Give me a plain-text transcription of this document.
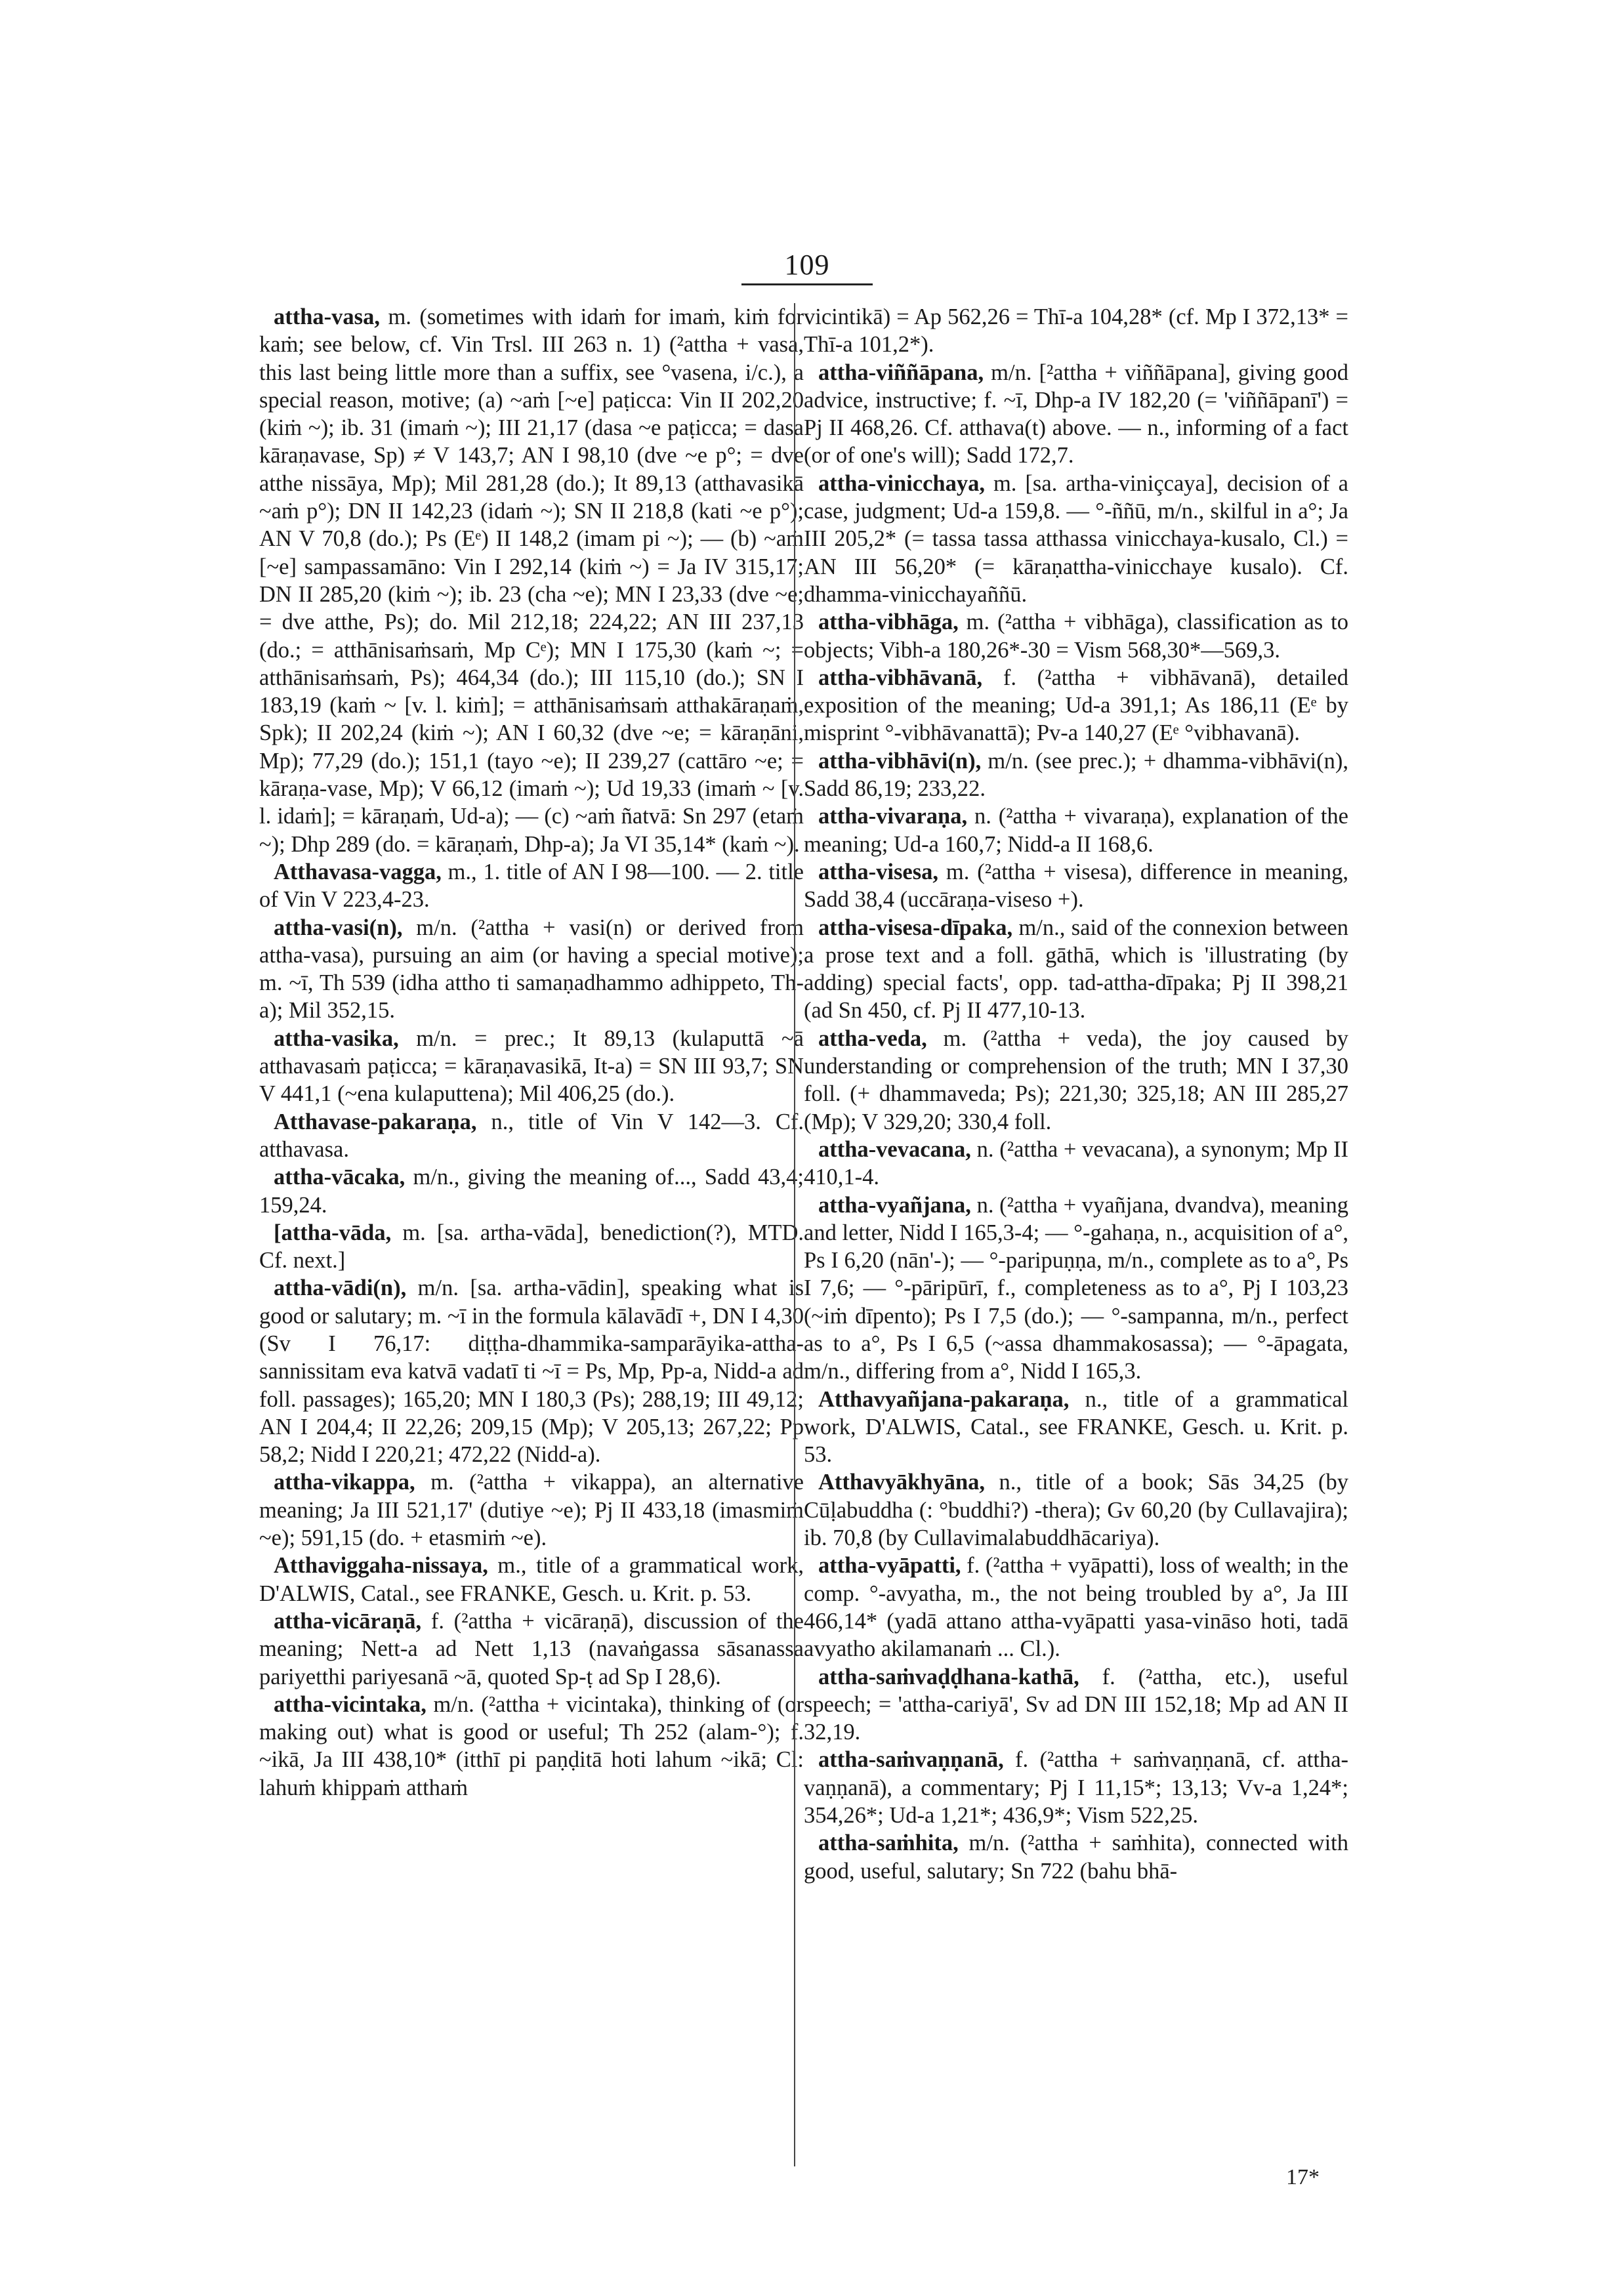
109

attha-vasa, m. (sometimes with idaṁ for imaṁ, kiṁ for kaṁ; see below, cf. Vin Trsl. III 263 n. 1) (²attha + vasa, this last being little more than a suffix, see °vasena, i/c.), a special reason, motive; (a) ~aṁ [~e] paṭicca: Vin II 202,20 (kiṁ ~); ib. 31 (imaṁ ~); III 21,17 (dasa ~e paṭicca; = dasa kāraṇavase, Sp) ≠ V 143,7; AN I 98,10 (dve ~e p°; = dve atthe nissāya, Mp); Mil 281,28 (do.); It 89,13 (atthavasikā ~aṁ p°); DN II 142,23 (idaṁ ~); SN II 218,8 (kati ~e p°); AN V 70,8 (do.); Ps (Eᵉ) II 148,2 (imam pi ~); — (b) ~aṁ [~e] sampassamāno: Vin I 292,14 (kiṁ ~) = Ja IV 315,17; DN II 285,20 (kiṁ ~); ib. 23 (cha ~e); MN I 23,33 (dve ~e; = dve atthe, Ps); do. Mil 212,18; 224,22; AN III 237,13 (do.; = atthānisaṁsaṁ, Mp Cᵉ); MN I 175,30 (kaṁ ~; = atthānisaṁsaṁ, Ps); 464,34 (do.); III 115,10 (do.); SN I 183,19 (kaṁ ~ [v. l. kiṁ]; = atthānisaṁsaṁ atthakāraṇaṁ, Spk); II 202,24 (kiṁ ~); AN I 60,32 (dve ~e; = kāraṇāni, Mp); 77,29 (do.); 151,1 (tayo ~e); II 239,27 (cattāro ~e; = kāraṇa-vase, Mp); V 66,12 (imaṁ ~); Ud 19,33 (imaṁ ~ [v. l. idaṁ]; = kāraṇaṁ, Ud-a); — (c) ~aṁ ñatvā: Sn 297 (etaṁ ~); Dhp 289 (do. = kāraṇaṁ, Dhp-a); Ja VI 35,14* (kaṁ ~).

Atthavasa-vagga, m., 1. title of AN I 98—100. — 2. title of Vin V 223,4-23.

attha-vasi(n), m/n. (²attha + vasi(n) or derived from attha-vasa), pursuing an aim (or having a special motive); m. ~ī, Th 539 (idha attho ti samaṇadhammo adhippeto, Th-a); Mil 352,15.

attha-vasika, m/n. = prec.; It 89,13 (kulaputtā ~ā atthavasaṁ paṭicca; = kāraṇavasikā, It-a) = SN III 93,7; SN V 441,1 (~ena kulaputtena); Mil 406,25 (do.).

Atthavase-pakaraṇa, n., title of Vin V 142—3. Cf. atthavasa.

attha-vācaka, m/n., giving the meaning of..., Sadd 43,4; 159,24.

[attha-vāda, m. [sa. artha-vāda], benediction(?), MTD. Cf. next.]

attha-vādi(n), m/n. [sa. artha-vādin], speaking what is good or salutary; m. ~ī in the formula kālavādī +, DN I 4,30 (Sv I 76,17: diṭṭha-dhammika-samparāyika-attha-sannissitam eva katvā vadatī ti ~ī = Ps, Mp, Pp-a, Nidd-a ad foll. passages); 165,20; MN I 180,3 (Ps); 288,19; III 49,12; AN I 204,4; II 22,26; 209,15 (Mp); V 205,13; 267,22; Pp 58,2; Nidd I 220,21; 472,22 (Nidd-a).

attha-vikappa, m. (²attha + vikappa), an alternative meaning; Ja III 521,17' (dutiye ~e); Pj II 433,18 (imasmiṁ ~e); 591,15 (do. + etasmiṁ ~e).

Atthaviggaha-nissaya, m., title of a grammatical work, D'ALWIS, Catal., see FRANKE, Gesch. u. Krit. p. 53.

attha-vicāraṇā, f. (²attha + vicāraṇā), discussion of the meaning; Nett-a ad Nett 1,13 (navaṅgassa sāsanassa pariyetthi pariyesanā ~ā, quoted Sp-ṭ ad Sp I 28,6).

attha-vicintaka, m/n. (²attha + vicintaka), thinking of (or making out) what is good or useful; Th 252 (alam-°); f. ~ikā, Ja III 438,10* (itthī pi paṇḍitā hoti lahum ~ikā; Cl: lahuṁ khippaṁ atthaṁ

vicintikā) = Ap 562,26 = Thī-a 104,28* (cf. Mp I 372,13* = Thī-a 101,2*).

attha-viññāpana, m/n. [²attha + viññāpana], giving good advice, instructive; f. ~ī, Dhp-a IV 182,20 (= 'viññāpanī') = Pj II 468,26. Cf. atthava(t) above. — n., informing of a fact (or of one's will); Sadd 172,7.

attha-vinicchaya, m. [sa. artha-viniçcaya], decision of a case, judgment; Ud-a 159,8. — °-ññū, m/n., skilful in a°; Ja III 205,2* (= tassa tassa atthassa vinicchaya-kusalo, Cl.) = AN III 56,20* (= kāraṇattha-vinicchaye kusalo). Cf. dhamma-vinicchayaññū.

attha-vibhāga, m. (²attha + vibhāga), classification as to objects; Vibh-a 180,26*-30 = Vism 568,30*—569,3.

attha-vibhāvanā, f. (²attha + vibhāvanā), detailed exposition of the meaning; Ud-a 391,1; As 186,11 (Eᵉ by misprint °-vibhāvanattā); Pv-a 140,27 (Eᵉ °vibhavanā).

attha-vibhāvi(n), m/n. (see prec.); + dhamma-vibhāvi(n), Sadd 86,19; 233,22.

attha-vivaraṇa, n. (²attha + vivaraṇa), explanation of the meaning; Ud-a 160,7; Nidd-a II 168,6.

attha-visesa, m. (²attha + visesa), difference in meaning, Sadd 38,4 (uccāraṇa-viseso +).

attha-visesa-dīpaka, m/n., said of the connexion between a prose text and a foll. gāthā, which is 'illustrating (by adding) special facts', opp. tad-attha-dīpaka; Pj II 398,21 (ad Sn 450, cf. Pj II 477,10-13.

attha-veda, m. (²attha + veda), the joy caused by understanding or comprehension of the truth; MN I 37,30 foll. (+ dhammaveda; Ps); 221,30; 325,18; AN III 285,27 (Mp); V 329,20; 330,4 foll.

attha-vevacana, n. (²attha + vevacana), a synonym; Mp II 410,1-4.

attha-vyañjana, n. (²attha + vyañjana, dvandva), meaning and letter, Nidd I 165,3-4; — °-gahaṇa, n., acquisition of a°, Ps I 6,20 (nān'-); — °-paripuṇṇa, m/n., complete as to a°, Ps I 7,6; — °-pāripūrī, f., completeness as to a°, Pj I 103,23 (~iṁ dīpento); Ps I 7,5 (do.); — °-sampanna, m/n., perfect as to a°, Ps I 6,5 (~assa dhammakosassa); — °-āpagata, m/n., differing from a°, Nidd I 165,3.

Atthavyañjana-pakaraṇa, n., title of a grammatical work, D'ALWIS, Catal., see FRANKE, Gesch. u. Krit. p. 53.

Atthavyākhyāna, n., title of a book; Sās 34,25 (by Cūḷabuddha (: °buddhi?) -thera); Gv 60,20 (by Cullavajira); ib. 70,8 (by Cullavimalabuddhācariya).

attha-vyāpatti, f. (²attha + vyāpatti), loss of wealth; in the comp. °-avyatha, m., the not being troubled by a°, Ja III 466,14* (yadā attano attha-vyāpatti yasa-vināso hoti, tadā avyatho akilamanaṁ ... Cl.).

attha-saṁvaḍḍhana-kathā, f. (²attha, etc.), useful speech; = 'attha-cariyā', Sv ad DN III 152,18; Mp ad AN II 32,19.

attha-saṁvaṇṇanā, f. (²attha + saṁvaṇṇanā, cf. attha-vaṇṇanā), a commentary; Pj I 11,15*; 13,13; Vv-a 1,24*; 354,26*; Ud-a 1,21*; 436,9*; Vism 522,25.

attha-saṁhita, m/n. (²attha + saṁhita), connected with good, useful, salutary; Sn 722 (bahu bhā-

17*
